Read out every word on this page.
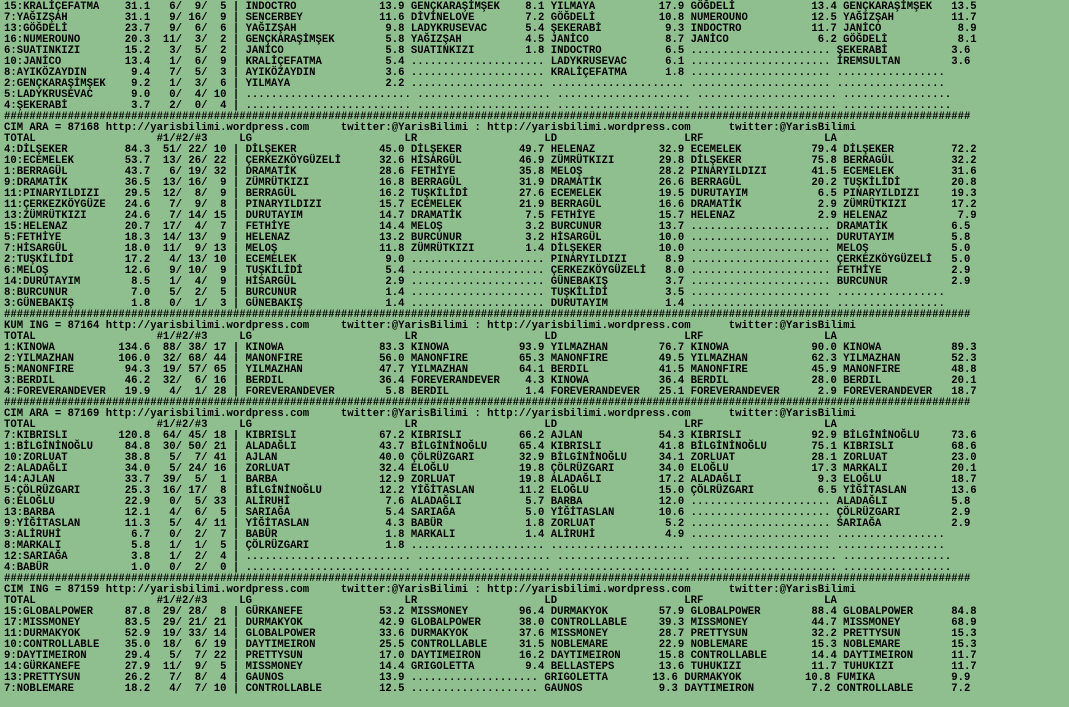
15:KRALİÇEFATMA    31.1   6/  9/  5 | INDOCTRO             13.9 GENÇKARAŞİMŞEK    8.1 YILMAYA          17.9 GÖĞDELİ            13.4 GENÇKARAŞİMŞEK   13.5
7:YAĞIZŞAH         31.1   9/ 16/  9 | SENCERBEY            11.6 DİVİNELOVE        7.2 GÖĞDELİ          10.8 NUMEROUNO          12.5 YAĞIZŞAH         11.7
13:GÖĞDELİ         23.7   9/  6/  6 | YAĞIZŞAH              9.8 LADYKRUSEVAC      5.4 ŞEKERABİ          9.3 INDOCTRO           11.7 JANİCO            8.9
16:NUMEROUNO       20.3  11/  3/  2 | GENÇKARAŞİMŞEK        5.8 YAĞIZŞAH          4.5 JANİCO            8.7 JANİCO              6.2 GÖĞDELİ           8.1
6:SUATINKIZI       15.2   3/  5/  2 | JANİCO                5.8 SUATINKIZI        1.8 INDOCTRO          6.5 ...................... ŞEKERABİ          3.6
10:JANİCO          13.4   1/  6/  9 | KRALİÇEFATMA          5.4 ..................... LADYKRUSEVAC      6.1 ...................... İREMSULTAN        3.6
8:AYIKÖZAYDIN       9.4   7/  5/  3 | AYIKÖZAYDIN           3.6 ..................... KRALİÇEFATMA      1.8 ...................... .................
2:GENÇKARAŞİMŞEK    9.2   1/  3/  6 | YILMAYA               2.2 ..................... ..................... ...................... .................
5:LADYKRUSEVAC      9.0   0/  4/ 10 | .......................... ..................... ..................... ...................... .................
4:ŞEKERABİ          3.7   2/  0/  4 | .......................... ..................... ..................... ...................... .................
########################################################################################################################################################
CIM ARA = 87168 http://yarisbilimi.wordpress.com     twitter:@YarisBilimi : http://yarisbilimi.wordpress.com      twitter:@YarisBilimi
TOTAL                   #1/#2/#3     LG                        LR                    LD                    LRF                   LA
4:DİLŞEKER         84.3  51/ 22/ 10 | DİLŞEKER             45.0 DİLŞEKER         49.7 HELENAZ          32.9 ECEMELEK           79.4 DİLŞEKER         72.2
10:ECEMELEK        53.7  13/ 26/ 22 | ÇERKEZKÖYGÜZELİ      32.6 HİSARGÜL         46.9 ZÜMRÜTKIZI       29.8 DİLŞEKER           75.8 BERRAGÜL         32.2
1:BERRAGÜL         43.7   6/ 19/ 32 | DRAMATİK             28.6 FETHİYE          35.8 MELOŞ            28.2 PINARYILDIZI       41.5 ECEMELEK         31.6
9:DRAMATİK         36.5  13/ 16/  9 | ZÜMRÜTKIZI           16.8 BERRAGÜL         31.9 DRAMATİK         26.6 BERRAGÜL           20.2 TUŞKİLİDİ        20.8
11:PINARYILDIZI    29.5  12/  8/  9 | BERRAGÜL             16.2 TUŞKİLİDİ        27.6 ECEMELEK         19.5 DURUTAYIM           6.5 PINARYILDIZI     19.3
11:ÇERKEZKÖYGÜZE   24.6   7/  9/  8 | PINARYILDIZI         15.7 ECEMELEK         21.9 BERRAGÜL         16.6 DRAMATİK            2.9 ZÜMRÜTKIZI       17.2
13:ZÜMRÜTKIZI      24.6   7/ 14/ 15 | DURUTAYIM            14.7 DRAMATİK          7.5 FETHİYE          15.7 HELENAZ             2.9 HELENAZ           7.9
15:HELENAZ         20.7  17/  4/  7 | FETHİYE              14.4 MELOŞ             3.2 BURCUNUR         13.7 ...................... DRAMATİK          6.5
5:FETHİYE          18.3  14/ 13/  9 | HELENAZ              13.2 BURCUNUR          3.2 HİSARGÜL         10.0 ...................... DURUTAYIM         5.8
7:HİSARGÜL         18.0  11/  9/ 13 | MELOŞ                11.8 ZÜMRÜTKIZI        1.4 DİLŞEKER         10.0 ...................... MELOŞ             5.0
2:TUŞKİLİDİ        17.2   4/ 13/ 10 | ECEMELEK              9.0 ..................... PINARYILDIZI      8.9 ...................... ÇERKEZKÖYGÜZELİ   5.0
6:MELOŞ            12.6   9/ 10/  9 | TUŞKİLİDİ             5.4 ..................... ÇERKEZKÖYGÜZELİ   8.0 ...................... FETHİYE           2.9
14:DURUTAYIM        8.5   1/  4/  9 | HİSARGÜL              2.9 ..................... GÜNEBAKIŞ         3.7 ...................... BURCUNUR          2.9
8:BURCUNUR          7.0   5/  2/  5 | BURCUNUR              1.4 ..................... TUŞKİLİDİ         3.5 ...................... .................
3:GÜNEBAKIŞ         1.8   0/  1/  3 | GÜNEBAKIŞ             1.4 ..................... DURUTAYIM         1.4 ...................... .................
########################################################################################################################################################
KUM ING = 87164 http://yarisbilimi.wordpress.com     twitter:@YarisBilimi : http://yarisbilimi.wordpress.com      twitter:@YarisBilimi
TOTAL                   #1/#2/#3     LG                        LR                    LD                    LRF                   LA
1:KINOWA          134.6  88/ 38/ 17 | KINOWA               83.3 KINOWA           93.9 YILMAZHAN        76.7 KINOWA             90.0 KINOWA           89.3
2:YILMAZHAN       106.0  32/ 68/ 44 | MANONFIRE            56.0 MANONFIRE        65.3 MANONFIRE        49.5 YILMAZHAN          62.3 YILMAZHAN        52.3
5:MANONFIRE        94.3  19/ 57/ 65 | YILMAZHAN            47.7 YILMAZHAN        64.1 BERDIL           41.5 MANONFIRE          45.9 MANONFIRE        48.8
3:BERDIL           46.2  32/  6/ 16 | BERDIL               36.4 FOREVERANDEVER    4.3 KINOWA           36.4 BERDIL             28.0 BERDIL           20.1
4:FOREVERANDEVER   19.9   4/  1/ 28 | FOREVERANDEVER        5.8 BERDIL            1.4 FOREVERANDEVER   25.1 FOREVERANDEVER      2.9 FOREVERANDEVER   18.7
########################################################################################################################################################
CIM ARA = 87169 http://yarisbilimi.wordpress.com     twitter:@YarisBilimi : http://yarisbilimi.wordpress.com      twitter:@YarisBilimi
TOTAL                   #1/#2/#3     LG                        LR                    LD                    LRF                   LA
7:KIBRISLI        120.8  64/ 45/ 18 | KIBRISLI             67.2 KIBRISLI         66.2 AJLAN            54.3 KIBRISLI           92.9 BİLGİNİNOĞLU     73.6
1:BİLGİNİNOĞLU     84.8  30/ 50/ 21 | ALADAĞLI             43.7 BİLGİNİNOĞLU     65.4 KIBRISLI         41.8 BİLGİNİNOĞLU       75.1 KIBRISLI         68.6
10:ZORLUAT         38.8   5/  7/ 41 | AJLAN                40.0 ÇÖLRÜZGARI       32.9 BİLGİNİNOĞLU     34.1 ZORLUAT            28.1 ZORLUAT          23.0
2:ALADAĞLI         34.0   5/ 24/ 16 | ZORLUAT              32.4 ELOĞLU           19.8 ÇÖLRÜZGARI       34.0 ELOĞLU             17.3 MARKALI          20.1
14:AJLAN           33.7  39/  5/  1 | BARBA                12.9 ZORLUAT          19.8 ALADAĞLI         17.2 ALADAĞLI            9.3 ELOĞLU           18.7
5:ÇÖLRÜZGARI       25.3  16/ 17/  8 | BİLGİNİNOĞLU         12.2 YİĞİTASLAN       11.2 ELOĞLU           15.0 ÇÖLRÜZGARI          6.5 YİĞİTASLAN       13.6
6:ELOĞLU           22.9   0/  5/ 33 | ALİRUHİ               7.6 ALADAĞLI          5.7 BARBA            12.0 ...................... ALADAĞLI          5.8
13:BARBA           12.1   4/  6/  5 | SARIAĞA               5.4 SARIAĞA           5.0 YİĞİTASLAN       10.6 ...................... ÇÖLRÜZGARI        2.9
9:YİĞİTASLAN       11.3   5/  4/ 11 | YİĞİTASLAN            4.3 BABÜR             1.8 ZORLUAT           5.2 ...................... SARIAĞA           2.9
3:ALİRUHİ           6.7   0/  2/  7 | BABÜR                 1.8 MARKALI           1.4 ALİRUHİ           4.9 ...................... .................
8:MARKALI           5.8   1/  1/  5 | ÇÖLRÜZGARI            1.8 ..................... ..................... ...................... .................
12:SARIAĞA          3.8   1/  2/  4 | .......................... ..................... ..................... ...................... .................
4:BABÜR             1.0   0/  2/  0 | .......................... ..................... ..................... ...................... .................
########################################################################################################################################################
CIM ING = 87159 http://yarisbilimi.wordpress.com     twitter:@YarisBilimi : http://yarisbilimi.wordpress.com      twitter:@YarisBilimi
TOTAL                   #1/#2/#3     LG                        LR                    LD                    LRF                   LA
15:GLOBALPOWER     87.8  29/ 28/  8 | GÜRKANEFE            53.2 MISSMONEY        96.4 DURMAKYOK        57.9 GLOBALPOWER        88.4 GLOBALPOWER      84.8
17:MISSMONEY       83.5  29/ 21/ 21 | DURMAKYOK            42.9 GLOBALPOWER      38.0 CONTROLLABLE     39.3 MISSMONEY          44.7 MISSMONEY        68.9
11:DURMAKYOK       52.9  19/ 33/ 14 | GLOBALPOWER          33.6 DURMAKYOK        37.6 MISSMONEY        28.7 PRETTYSUN          32.2 PRETTYSUN        15.3
10:CONTROLLABLE    35.0  18/  6/ 19 | DAYTIMEIRON          25.5 CONTROLLABLE     31.5 NOBLEMARE        22.9 NOBLEMARE          15.3 NOBLEMARE        15.3
9:DAYTIMEIRON      29.4   5/  7/ 22 | PRETTYSUN            17.0 DAYTIMEIRON      16.2 DAYTIMEIRON      15.8 CONTROLLABLE       14.4 DAYTIMEIRON      11.7
14:GÜRKANEFE       27.9  11/  9/  5 | MISSMONEY            14.4 GRIGOLETTA        9.4 BELLASTEPS       13.6 TUHUKIZI           11.7 TUHUKIZI         11.7
13:PRETTYSUN       26.2   7/  8/  4 | GAUNOS               13.9 .................... GRIGOLETTA       13.6 DURMAKYOK          10.8 FUMIKA            9.9
7:NOBLEMARE        18.2   4/  7/ 10 | CONTROLLABLE         12.5 .................... GAUNOS            9.3 DAYTIMEIRON         7.2 CONTROLLABLE      7.2
